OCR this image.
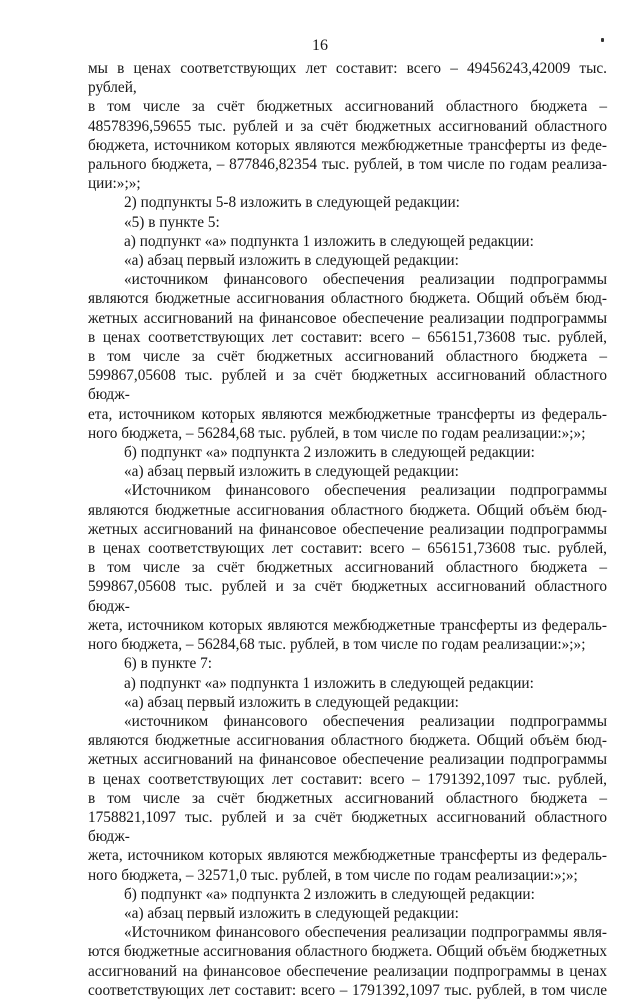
16
мы в ценах соответствующих лет составит: всего – 49456243,42009 тыс. рублей,
в том числе за счёт бюджетных ассигнований областного бюджета –
48578396,59655 тыс. рублей и за счёт бюджетных ассигнований областного
бюджета, источником которых являются межбюджетные трансферты из феде-
рального бюджета, – 877846,82354 тыс. рублей, в том числе по годам реализа-
ции:»;»;
2) подпункты 5-8 изложить в следующей редакции:
«5) в пункте 5:
а) подпункт «а» подпункта 1 изложить в следующей редакции:
«а) абзац первый изложить в следующей редакции:
«источником финансового обеспечения реализации подпрограммы
являются бюджетные ассигнования областного бюджета. Общий объём бюд-
жетных ассигнований на финансовое обеспечение реализации подпрограммы
в ценах соответствующих лет составит: всего – 656151,73608 тыс. рублей,
в том числе за счёт бюджетных ассигнований областного бюджета –
599867,05608 тыс. рублей и за счёт бюджетных ассигнований областного бюдж-
ета, источником которых являются межбюджетные трансферты из федераль-
ного бюджета, – 56284,68 тыс. рублей, в том числе по годам реализации:»;»;
б) подпункт «а» подпункта 2 изложить в следующей редакции:
«а) абзац первый изложить в следующей редакции:
«Источником финансового обеспечения реализации подпрограммы
являются бюджетные ассигнования областного бюджета. Общий объём бюд-
жетных ассигнований на финансовое обеспечение реализации подпрограммы
в ценах соответствующих лет составит: всего – 656151,73608 тыс. рублей,
в том числе за счёт бюджетных ассигнований областного бюджета –
599867,05608 тыс. рублей и за счёт бюджетных ассигнований областного бюдж-
жета, источником которых являются межбюджетные трансферты из федераль-
ного бюджета, – 56284,68 тыс. рублей, в том числе по годам реализации:»;»;
6) в пункте 7:
а) подпункт «а» подпункта 1 изложить в следующей редакции:
«а) абзац первый изложить в следующей редакции:
«источником финансового обеспечения реализации подпрограммы
являются бюджетные ассигнования областного бюджета. Общий объём бюд-
жетных ассигнований на финансовое обеспечение реализации подпрограммы
в ценах соответствующих лет составит: всего – 1791392,1097 тыс. рублей,
в том числе за счёт бюджетных ассигнований областного бюджета –
1758821,1097 тыс. рублей и за счёт бюджетных ассигнований областного бюдж-
жета, источником которых являются межбюджетные трансферты из федераль-
ного бюджета, – 32571,0 тыс. рублей, в том числе по годам реализации:»;»;
б) подпункт «а» подпункта 2 изложить в следующей редакции:
«а) абзац первый изложить в следующей редакции:
«Источником финансового обеспечения реализации подпрограммы явля-
ются бюджетные ассигнования областного бюджета. Общий объём бюджетных
ассигнований на финансовое обеспечение реализации подпрограммы в ценах
соответствующих лет составит: всего – 1791392,1097 тыс. рублей, в том числе
